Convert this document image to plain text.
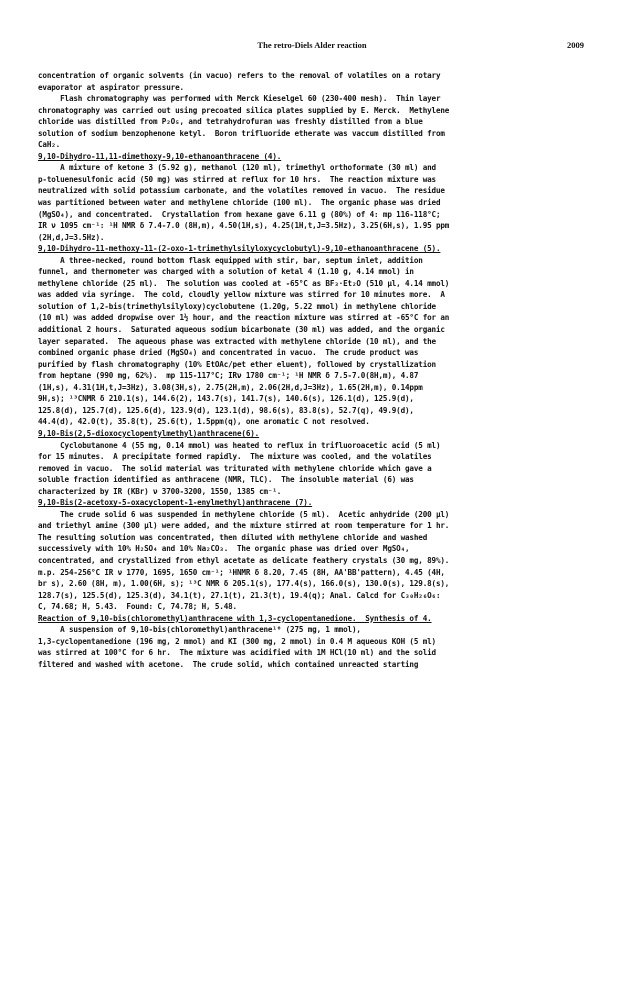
The retro-Diels Alder reaction	2009
concentration of organic solvents (in vacuo) refers to the removal of volatiles on a rotary
evaporator at aspirator pressure.
Flash chromatography was performed with Merck Kieselgel 60 (230-400 mesh).  Thin layer
chromatography was carried out using precoated silica plates supplied by E. Merck.  Methylene
chloride was distilled from P₂O₅, and tetrahydrofuran was freshly distilled from a blue
solution of sodium benzophenone ketyl.  Boron trifluoride etherate was vaccum distilled from
CaH₂.
9,10-Dihydro-11,11-dimethoxy-9,10-ethanoanthracene (4).
A mixture of ketone 3 (5.92 g), methanol (120 ml), trimethyl orthoformate (30 ml) and
p-toluenesulfonic acid (50 mg) was stirred at reflux for 10 hrs.  The reaction mixture was
neutralized with solid potassium carbonate, and the volatiles removed in vacuo.  The residue
was partitioned between water and methylene chloride (100 ml).  The organic phase was dried
(MgSO₄), and concentrated.  Crystallation from hexane gave 6.11 g (80%) of 4: mp 116-118°C;
IR ν 1095 cm⁻¹: ¹H NMR δ 7.4-7.0 (8H,m), 4.50(1H,s), 4.25(1H,t,J=3.5Hz), 3.25(6H,s), 1.95 ppm
(2H,d,J=3.5Hz).
9,10-Dihydro-11-methoxy-11-(2-oxo-1-trimethylsilyloxycyclobutyl)-9,10-ethanoanthracene (5).
A three-necked, round bottom flask equipped with stir, bar, septum inlet, addition
funnel, and thermometer was charged with a solution of ketal 4 (1.10 g, 4.14 mmol) in
methylene chloride (25 ml).  The solution was cooled at -65°C as BF₃·Et₂O (510 µl, 4.14 mmol)
was added via syringe.  The cold, cloudly yellow mixture was stirred for 10 minutes more.  A
solution of 1,2-bis(trimethylsilyloxy)cyclobutene (1.20g, 5.22 mmol) in methylene chloride
(10 ml) was added dropwise over 1½ hour, and the reaction mixture was stirred at -65°C for an
additional 2 hours.  Saturated aqueous sodium bicarbonate (30 ml) was added, and the organic
layer separated.  The aqueous phase was extracted with methylene chloride (10 ml), and the
combined organic phase dried (MgSO₄) and concentrated in vacuo.  The crude product was
purified by flash chromatography (10% EtOAc/pet ether eluent), followed by crystallization
from heptane (990 mg, 62%).  mp 115-117°C; IRν 1780 cm⁻¹; ¹H NMR δ 7.5-7.0(8H,m), 4.87
(1H,s), 4.31(1H,t,J=3Hz), 3.08(3H,s), 2.75(2H,m), 2.06(2H,d,J=3Hz), 1.65(2H,m), 0.14ppm
9H,s); ¹³CNMR δ 210.1(s), 144.6(2), 143.7(s), 141.7(s), 140.6(s), 126.1(d), 125.9(d),
125.8(d), 125.7(d), 125.6(d), 123.9(d), 123.1(d), 98.6(s), 83.8(s), 52.7(q), 49.9(d),
44.4(d), 42.0(t), 35.8(t), 25.6(t), 1.5ppm(q), one aromatic C not resolved.
9,10-Bis(2,5-dioxocyclopentylmethyl)anthracene(6).
Cyclobutanone 4 (55 mg, 0.14 mmol) was heated to reflux in trifluoroacetic acid (5 ml)
for 15 minutes.  A precipitate formed rapidly.  The mixture was cooled, and the volatiles
removed in vacuo.  The solid material was triturated with methylene chloride which gave a
soluble fraction identified as anthracene (NMR, TLC).  The insoluble material (6) was
characterized by IR (KBr) ν 3700-3200, 1550, 1385 cm⁻¹.
9,10-Bis(2-acetoxy-5-oxacyclopent-1-enylmethyl)anthracene (7).
The crude solid 6 was suspended in methylene chloride (5 ml).  Acetic anhydride (200 µl)
and triethyl amine (300 µl) were added, and the mixture stirred at room temperature for 1 hr.
The resulting solution was concentrated, then diluted with methylene chloride and washed
successively with 10% H₂SO₄ and 10% Na₂CO₃.  The organic phase was dried over MgSO₄,
concentrated, and crystallized from ethyl acetate as delicate feathery crystals (30 mg, 89%).
m.p. 254-256°C IR ν 1770, 1695, 1650 cm⁻¹; ¹HNMR δ 8.20, 7.45 (8H, AA'BB'pattern), 4.45 (4H,
br s), 2.60 (8H, m), 1.00(6H, s); ¹³C NMR δ 205.1(s), 177.4(s), 166.0(s), 130.0(s), 129.8(s),
128.7(s), 125.5(d), 125.3(d), 34.1(t), 27.1(t), 21.3(t), 19.4(q); Anal. Calcd for C₃₀H₂₆O₆:
C, 74.68; H, 5.43.  Found: C, 74.78; H, 5.48.
Reaction of 9,10-bis(chloromethyl)anthracene with 1,3-cyclopentanedione.  Synthesis of 4.
A suspension of 9,10-bis(chloromethyl)anthracene¹⁰ (275 mg, 1 mmol),
1,3-cyclopentanedione (196 mg, 2 mmol) and KI (300 mg, 2 mmol) in 0.4 M aqueous KOH (5 ml)
was stirred at 100°C for 6 hr.  The mixture was acidified with 1M HCl(10 ml) and the solid
filtered and washed with acetone.  The crude solid, which contained unreacted starting
